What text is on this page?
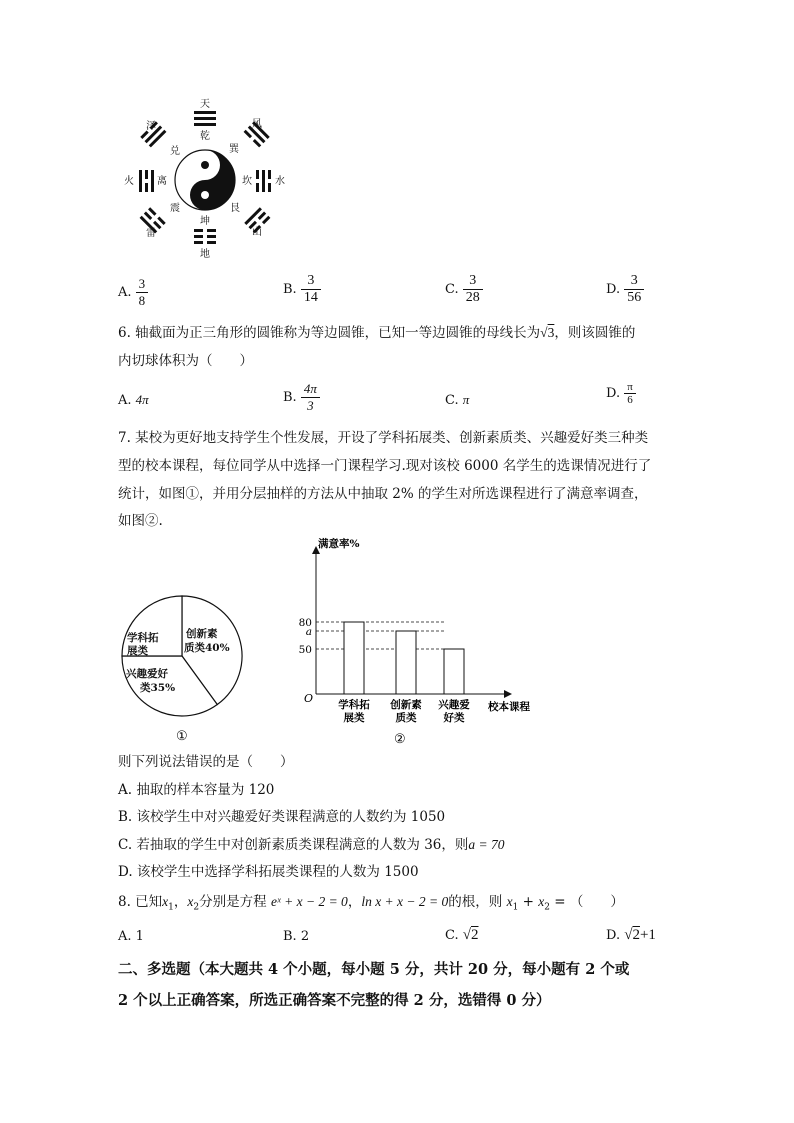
天
乾
风
巽
水
坎
山
艮
地
坤
雷
震
火 离
泽
兑
A. $\frac{3}{8}$	B. $\frac{3}{14}$	C. $\frac{3}{28}$	D. $\frac{3}{56}$
6. 轴截面为正三角形的圆锥称为等边圆锥，已知一等边圆锥的母线长为√3，则该圆锥的
内切球体积为（　　）
A. 4π	B. $\frac{4\pi}{3}$	C. π	D. $\frac{\pi}{6}$
7. 某校为更好地支持学生个性发展，开设了学科拓展类、创新素质类、兴趣爱好类三种类
型的校本课程，每位同学从中选择一门课程学习.现对该校 6000 名学生的选课情况进行了
统计，如图①，并用分层抽样的方法从中抽取 2% 的学生对所选课程进行了满意率调查，
如图②.
学科拓
展类
创新素
质类40%
兴趣爱好
类35%
①
满意率%
校本课程
O
80
a
50
学科拓
展类
创新素
质类
兴趣爱
好类
②
则下列说法错误的是（　　）
A. 抽取的样本容量为 120
B. 该校学生中对兴趣爱好类课程满意的人数约为 1050
C. 若抽取的学生中对创新素质类课程满意的人数为 36，则a = 70
D. 该校学生中选择学科拓展类课程的人数为 1500
8. 已知$x_1$，$x_2$分别是方程 eˣ + x − 2 = 0，ln x + x − 2 = 0的根，则 $x_1 + x_2$ = （　　）
A. 1	B. 2	C. √2	D. √2+1
二、多选题（本大题共 4 个小题，每小题 5 分，共计 20 分，每小题有 2 个或
2 个以上正确答案，所选正确答案不完整的得 2 分，选错得 0 分）
